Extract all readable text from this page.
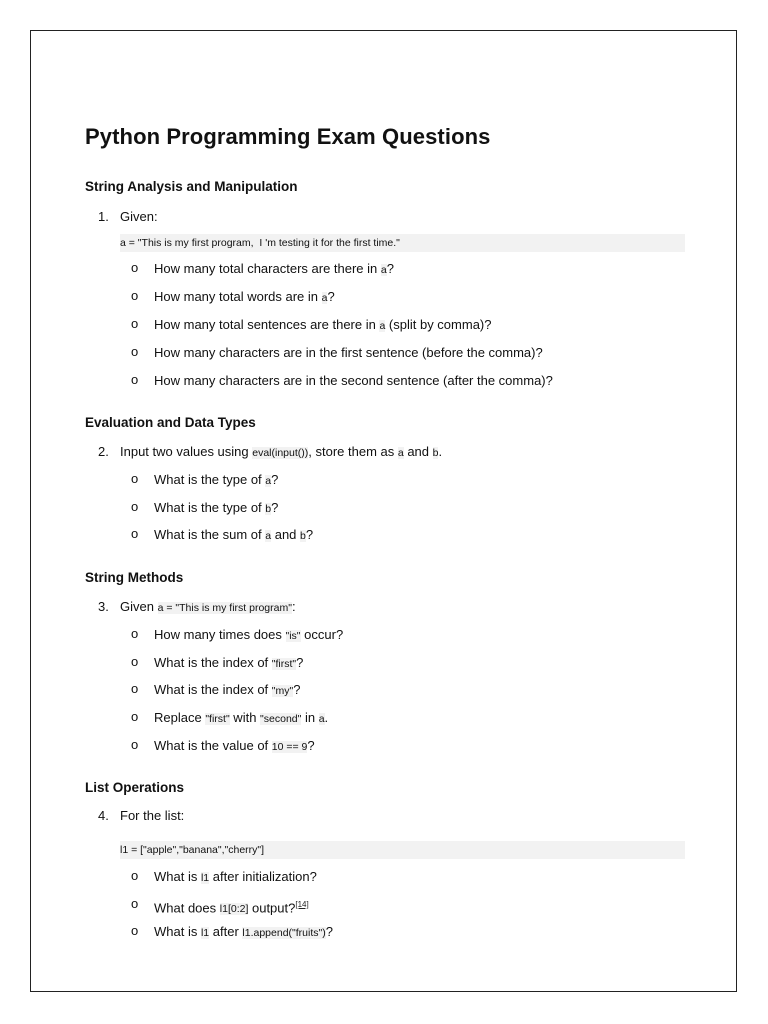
Python Programming Exam Questions
String Analysis and Manipulation
1. Given:
a = "This is my first program,  I 'm testing it for the first time."
o How many total characters are there in a?
o How many total words are in a?
o How many total sentences are there in a (split by comma)?
o How many characters are in the first sentence (before the comma)?
o How many characters are in the second sentence (after the comma)?
Evaluation and Data Types
2. Input two values using eval(input()), store them as a and b.
o What is the type of a?
o What is the type of b?
o What is the sum of a and b?
String Methods
3. Given a = "This is my first program":
o How many times does "is" occur?
o What is the index of "first"?
o What is the index of "my"?
o Replace "first" with "second" in a.
o What is the value of 10 == 9?
List Operations
4. For the list:
l1 = ["apple","banana","cherry"]
o What is l1 after initialization?
o What does l1[0:2] output?[14]
o What is l1 after l1.append("fruits")?
